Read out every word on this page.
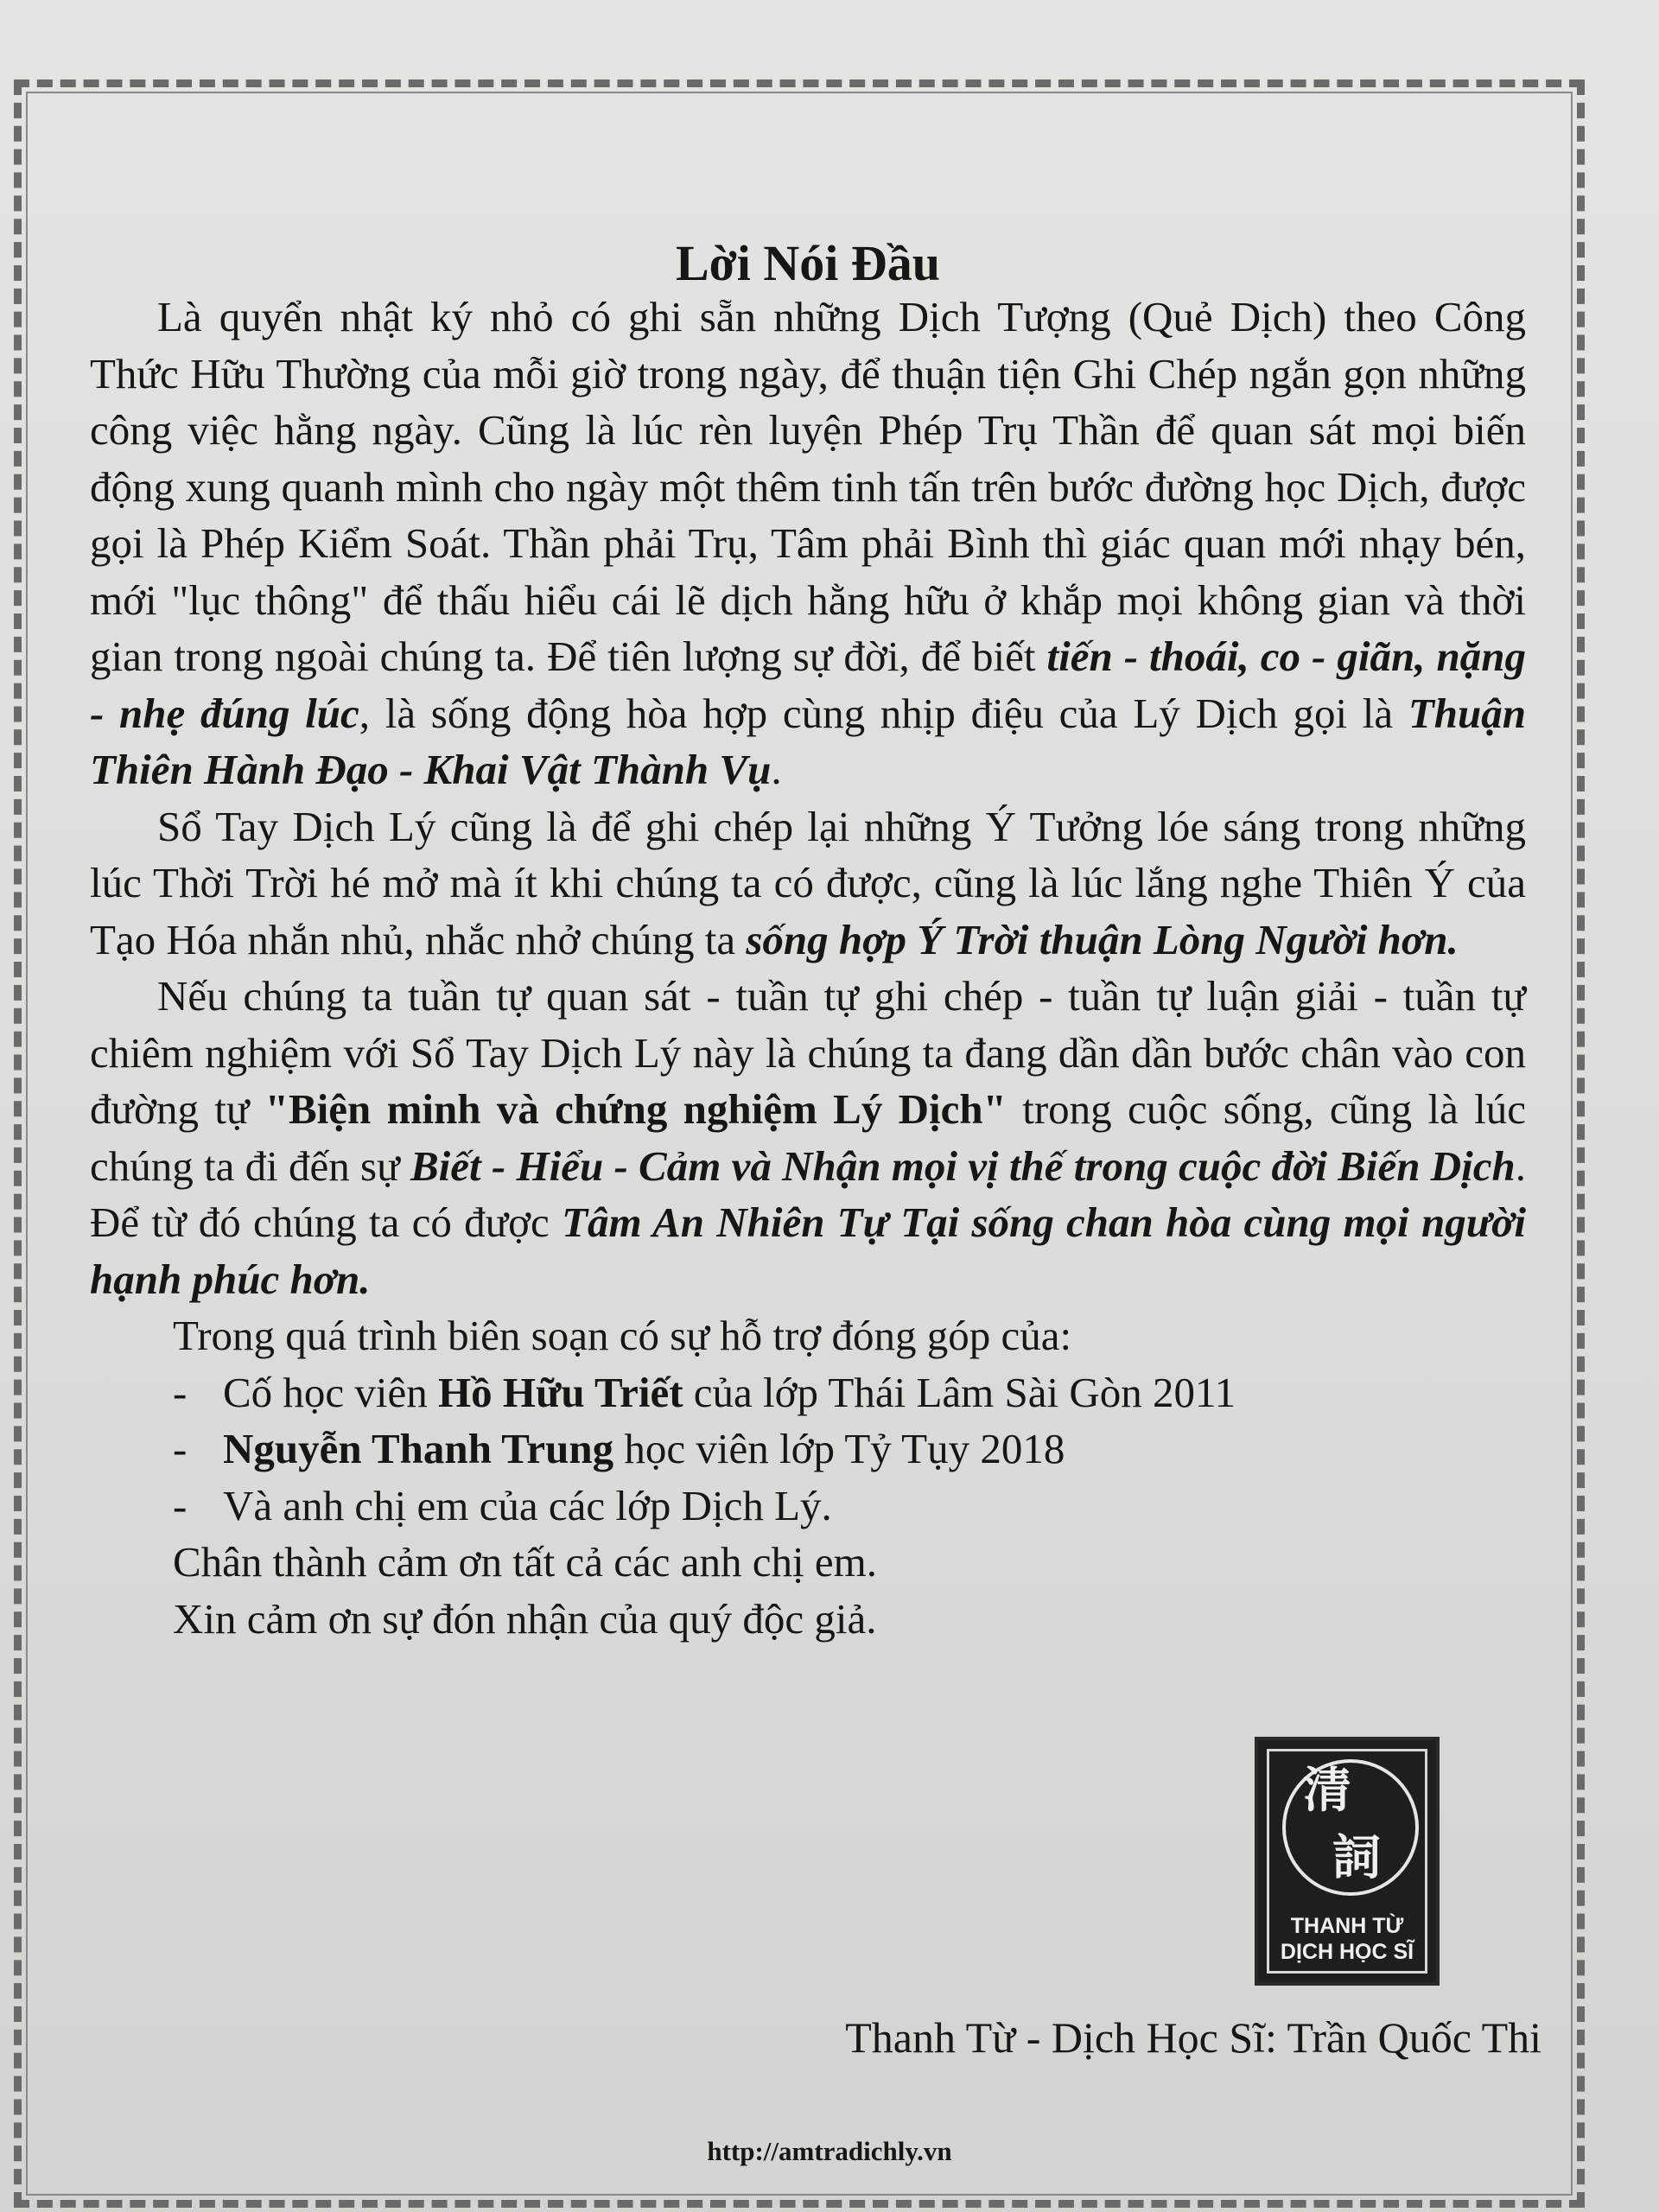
Lời Nói Đầu

Là quyển nhật ký nhỏ có ghi sẵn những Dịch Tượng (Quẻ Dịch) theo Công Thức Hữu Thường của mỗi giờ trong ngày, để thuận tiện Ghi Chép ngắn gọn những công việc hằng ngày. Cũng là lúc rèn luyện Phép Trụ Thần để quan sát mọi biến động xung quanh mình cho ngày một thêm tinh tấn trên bước đường học Dịch, được gọi là Phép Kiểm Soát. Thần phải Trụ, Tâm phải Bình thì giác quan mới nhạy bén, mới "lục thông" để thấu hiểu cái lẽ dịch hằng hữu ở khắp mọi không gian và thời gian trong ngoài chúng ta. Để tiên lượng sự đời, để biết tiến - thoái, co - giãn, nặng - nhẹ đúng lúc, là sống động hòa hợp cùng nhịp điệu của Lý Dịch gọi là Thuận Thiên Hành Đạo - Khai Vật Thành Vụ.

Sổ Tay Dịch Lý cũng là để ghi chép lại những Ý Tưởng lóe sáng trong những lúc Thời Trời hé mở mà ít khi chúng ta có được, cũng là lúc lắng nghe Thiên Ý của Tạo Hóa nhắn nhủ, nhắc nhở chúng ta sống hợp Ý Trời thuận Lòng Người hơn.

Nếu chúng ta tuần tự quan sát - tuần tự ghi chép - tuần tự luận giải - tuần tự chiêm nghiệm với Sổ Tay Dịch Lý này là chúng ta đang dần dần bước chân vào con đường tự "Biện minh và chứng nghiệm Lý Dịch" trong cuộc sống, cũng là lúc chúng ta đi đến sự Biết - Hiểu - Cảm và Nhận mọi vị thế trong cuộc đời Biến Dịch. Để từ đó chúng ta có được Tâm An Nhiên Tự Tại sống chan hòa cùng mọi người hạnh phúc hơn.

Trong quá trình biên soạn có sự hỗ trợ đóng góp của:

- Cố học viên Hồ Hữu Triết của lớp Thái Lâm Sài Gòn 2011
- Nguyễn Thanh Trung học viên lớp Tỷ Tụy 2018
- Và anh chị em của các lớp Dịch Lý.

Chân thành cảm ơn tất cả các anh chị em.

Xin cảm ơn sự đón nhận của quý độc giả.

清
詞
THANH TỪ
DỊCH HỌC SĨ
Thanh Từ - Dịch Học Sĩ: Trần Quốc Thi
http://amtradichly.vn
